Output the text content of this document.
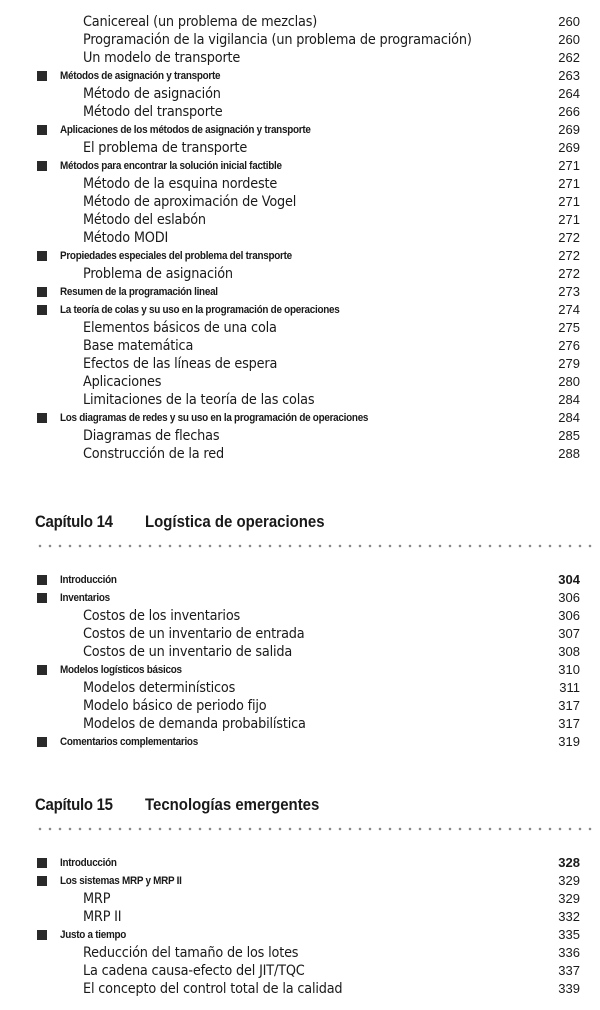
Canicereal (un problema de mezclas)	260
Programación de la vigilancia (un problema de programación)	260
Un modelo de transporte	262
Métodos de asignación y transporte	263
Método de asignación	264
Método del transporte	266
Aplicaciones de los métodos de asignación y transporte	269
El problema de transporte	269
Métodos para encontrar la solución inicial factible	271
Método de la esquina nordeste	271
Método de aproximación de Vogel	271
Método del eslabón	271
Método MODI	272
Propiedades especiales del problema del transporte	272
Problema de asignación	272
Resumen de la programación lineal	273
La teoría de colas y su uso en la programación de operaciones	274
Elementos básicos de una cola	275
Base matemática	276
Efectos de las líneas de espera	279
Aplicaciones	280
Limitaciones de la teoría de las colas	284
Los diagramas de redes y su uso en la programación de operaciones	284
Diagramas de flechas	285
Construcción de la red	288
Capítulo 14 Logística de operaciones
Introducción	304
Inventarios	306
Costos de los inventarios	306
Costos de un inventario de entrada	307
Costos de un inventario de salida	308
Modelos logísticos básicos	310
Modelos determinísticos	311
Modelo básico de periodo fijo	317
Modelos de demanda probabilística	317
Comentarios complementarios	319
Capítulo 15 Tecnologías emergentes
Introducción	328
Los sistemas MRP y MRP II	329
MRP	329
MRP II	332
Justo a tiempo	335
Reducción del tamaño de los lotes	336
La cadena causa-efecto del JIT/TQC	337
El concepto del control total de la calidad	339
